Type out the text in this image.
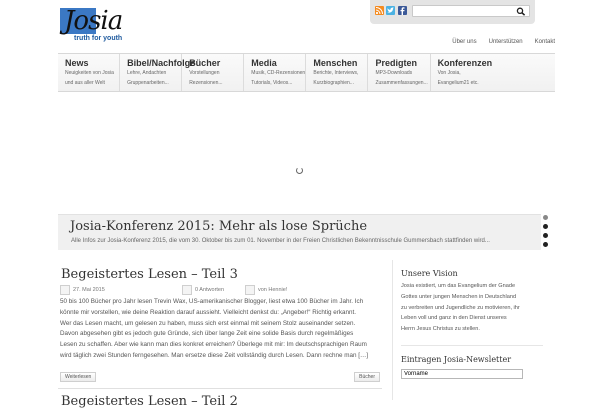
Josia
truth for youth	Über uns Unterstützen Kontakt
News
Neuigkeiten von Josia
und aus aller Welt
Bibel/Nachfolge
Lehre, Andachten
Gruppenarbeiten...
Bücher
Vorstellungen
Rezensionen...
Media
Musik, CD-Rezensionen
Tutorials, Videos...
Menschen
Berichte, Interviews,
Kurzbiographien...
Predigten
MP3-Downloads
Zusammenfassungen...
Konferenzen
Von Josia,
Evangelium21 etc.
Josia-Konferenz 2015: Mehr als lose Sprüche
Alle Infos zur Josia-Konferenz 2015, die vom 30. Oktober bis zum 01. November in der Freien Christlichen Bekenntnisschule Gummersbach stattfinden wird...
Begeistertes Lesen – Teil 3
27. Mai 2015	0 Antworten	von Hennie!
50 bis 100 Bücher pro Jahr lesen Trevin Wax, US-amerikanischer Blogger, liest etwa 100 Bücher im Jahr. Ich
könnte mir vorstellen, wie deine Reaktion darauf aussieht. Vielleicht denkst du: „Angeber!“ Richtig erkannt.
Wer das Lesen macht, um gelesen zu haben, muss sich erst einmal mit seinem Stolz auseinander setzen.
Davon abgesehen gibt es jedoch gute Gründe, sich über lange Zeit eine solide Basis durch regelmäßiges
Lesen zu schaffen. Aber wie kann man dies konkret erreichen? Überlege mit mir: Im deutschsprachigen Raum
wird täglich zwei Stunden ferngesehen. Man ersetze diese Zeit vollständig durch Lesen. Dann rechne man […]
Weiterlesen	Bücher
Begeistertes Lesen – Teil 2
Unsere Vision
Josia existiert, um das Evangelium der Gnade
Gottes unter jungen Menschen in Deutschland
zu verbreiten und Jugendliche zu motivieren, ihr
Leben voll und ganz in den Dienst unseres
Herrn Jesus Christus zu stellen.
Eintragen Josia-Newsletter
Vorname
